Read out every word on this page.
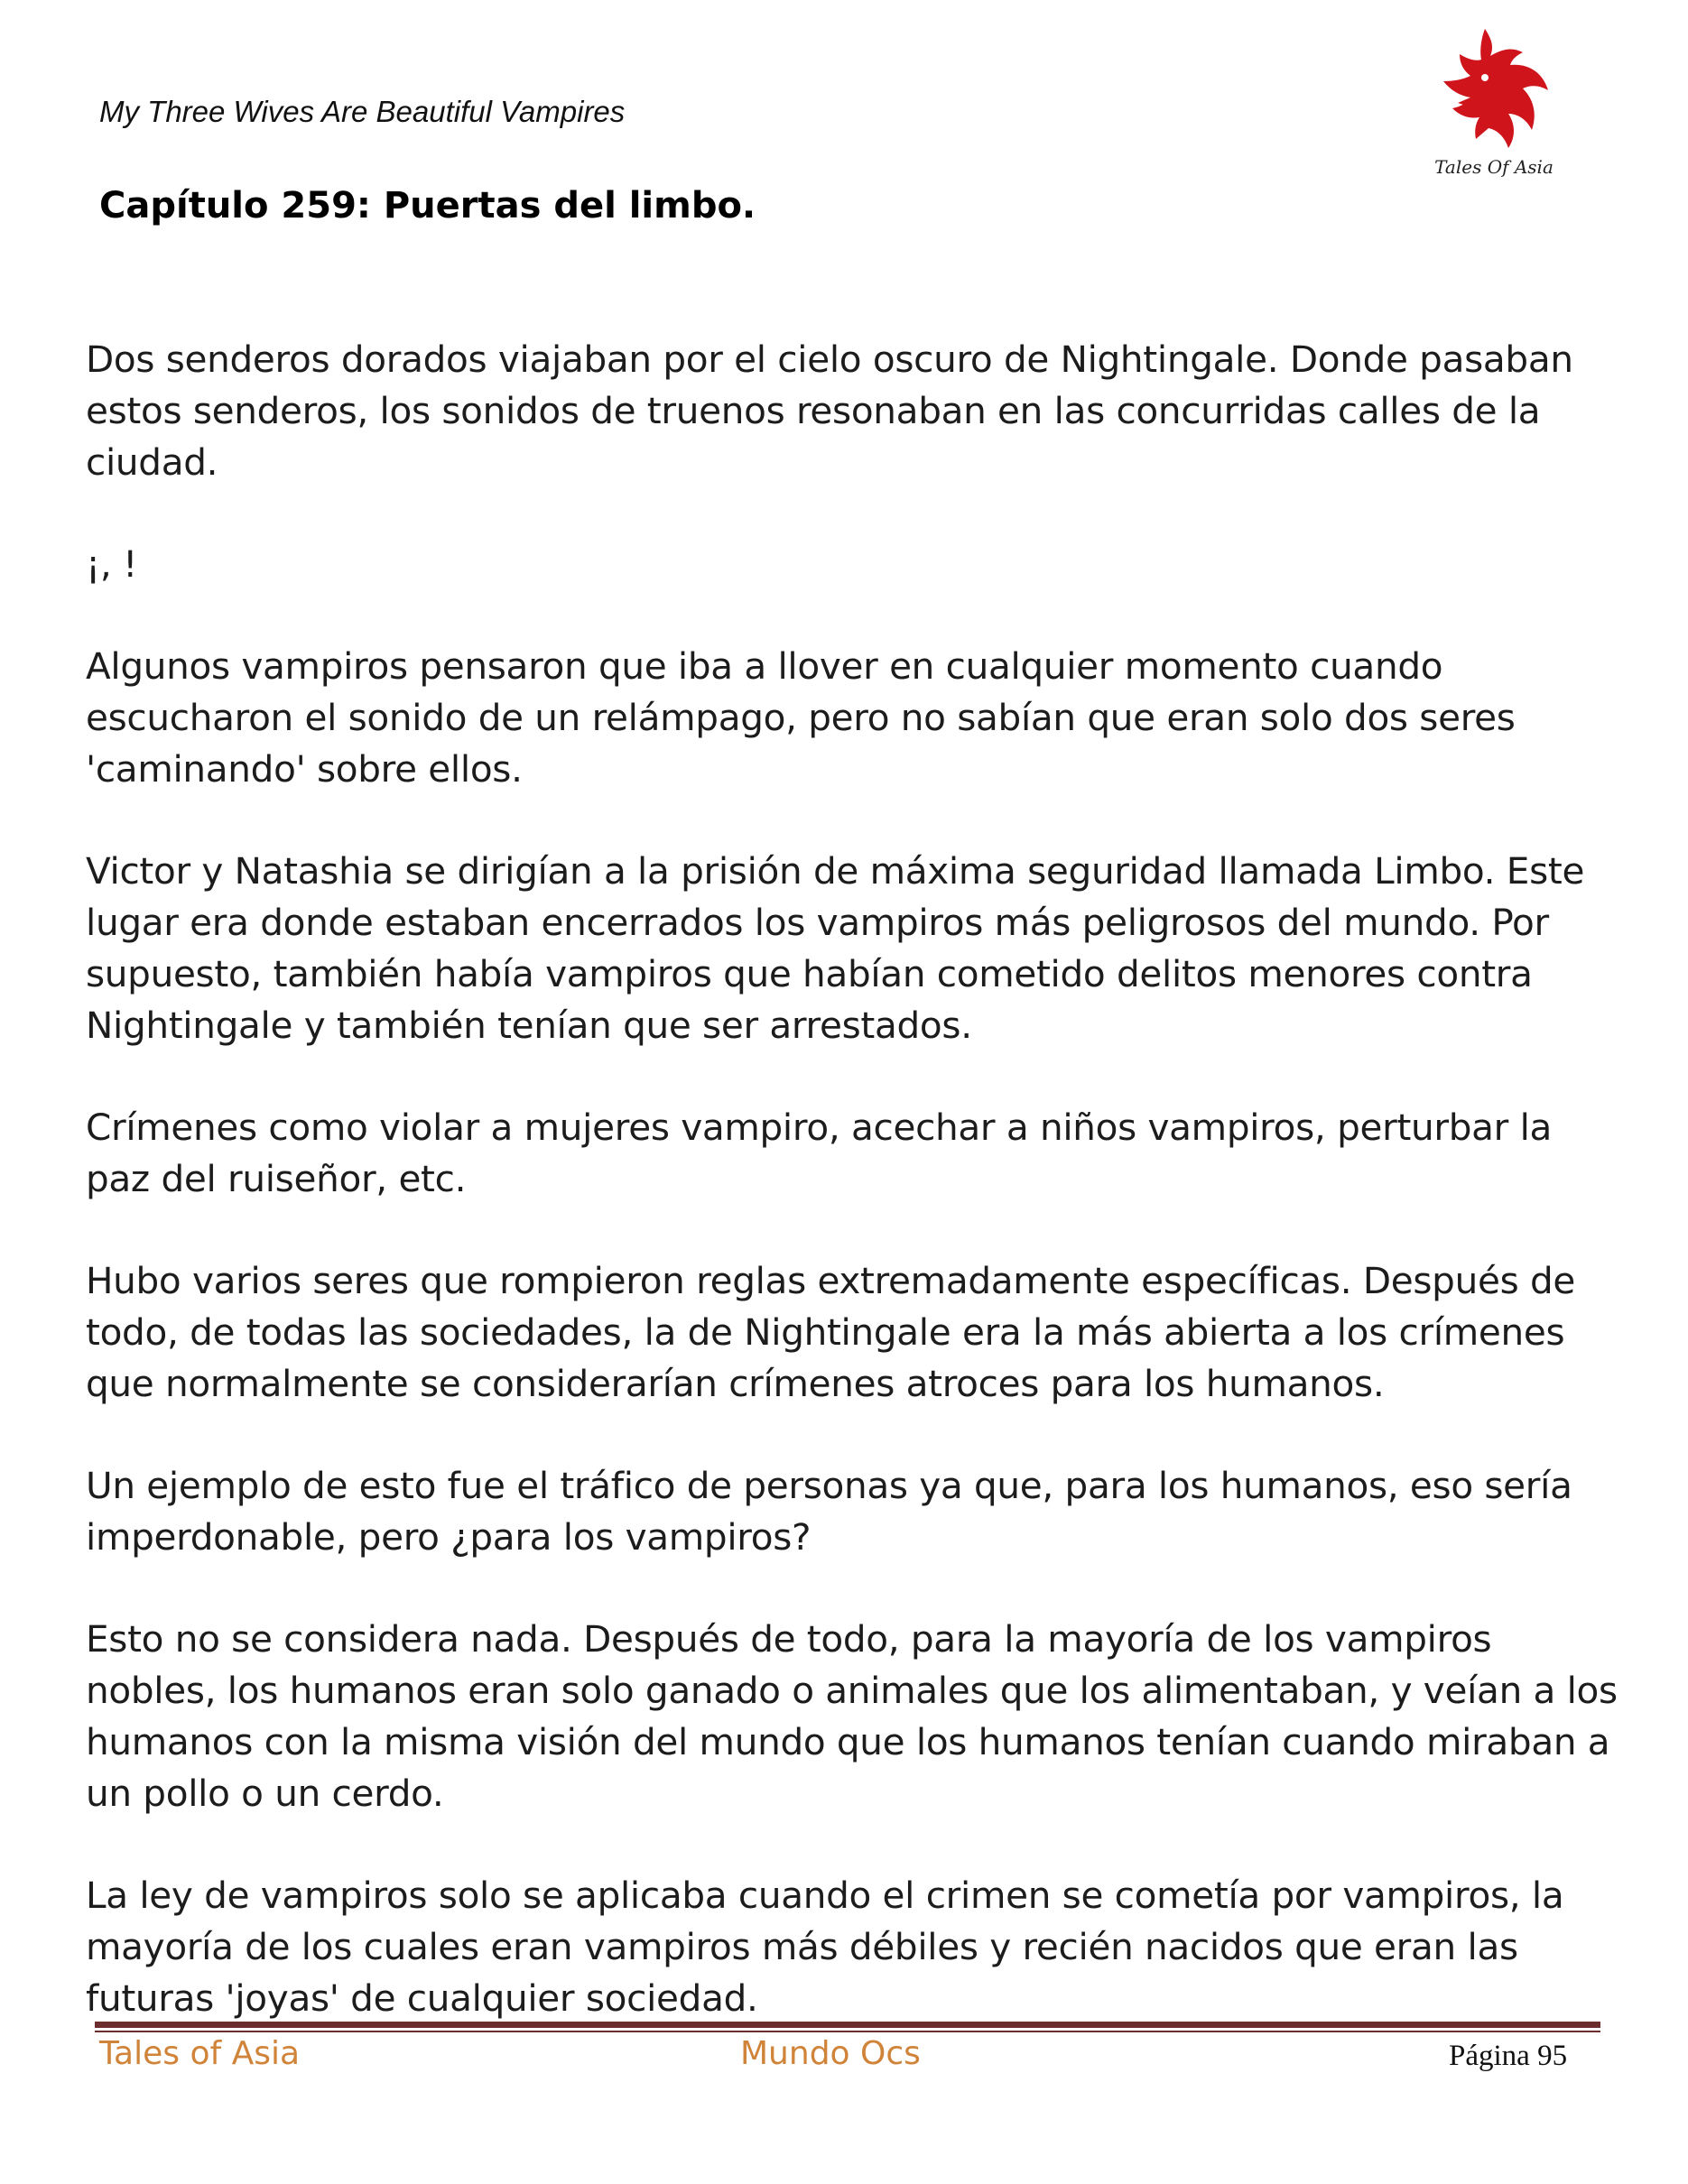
My Three Wives Are Beautiful Vampires
Tales Of Asia
Capítulo 259: Puertas del limbo.

Dos senderos dorados viajaban por el cielo oscuro de Nightingale. Donde pasaban estos senderos, los sonidos de truenos resonaban en las concurridas calles de la ciudad.

¡, !

Algunos vampiros pensaron que iba a llover en cualquier momento cuando escucharon el sonido de un relámpago, pero no sabían que eran solo dos seres 'caminando' sobre ellos.

Victor y Natashia se dirigían a la prisión de máxima seguridad llamada Limbo. Este lugar era donde estaban encerrados los vampiros más peligrosos del mundo. Por supuesto, también había vampiros que habían cometido delitos menores contra Nightingale y también tenían que ser arrestados.

Crímenes como violar a mujeres vampiro, acechar a niños vampiros, perturbar la paz del ruiseñor, etc.

Hubo varios seres que rompieron reglas extremadamente específicas. Después de todo, de todas las sociedades, la de Nightingale era la más abierta a los crímenes que normalmente se considerarían crímenes atroces para los humanos.

Un ejemplo de esto fue el tráfico de personas ya que, para los humanos, eso sería imperdonable, pero ¿para los vampiros?

Esto no se considera nada. Después de todo, para la mayoría de los vampiros nobles, los humanos eran solo ganado o animales que los alimentaban, y veían a los humanos con la misma visión del mundo que los humanos tenían cuando miraban a un pollo o un cerdo.

La ley de vampiros solo se aplicaba cuando el crimen se cometía por vampiros, la mayoría de los cuales eran vampiros más débiles y recién nacidos que eran las futuras 'joyas' de cualquier sociedad.

Tales of Asia	Mundo Ocs	Página 95
